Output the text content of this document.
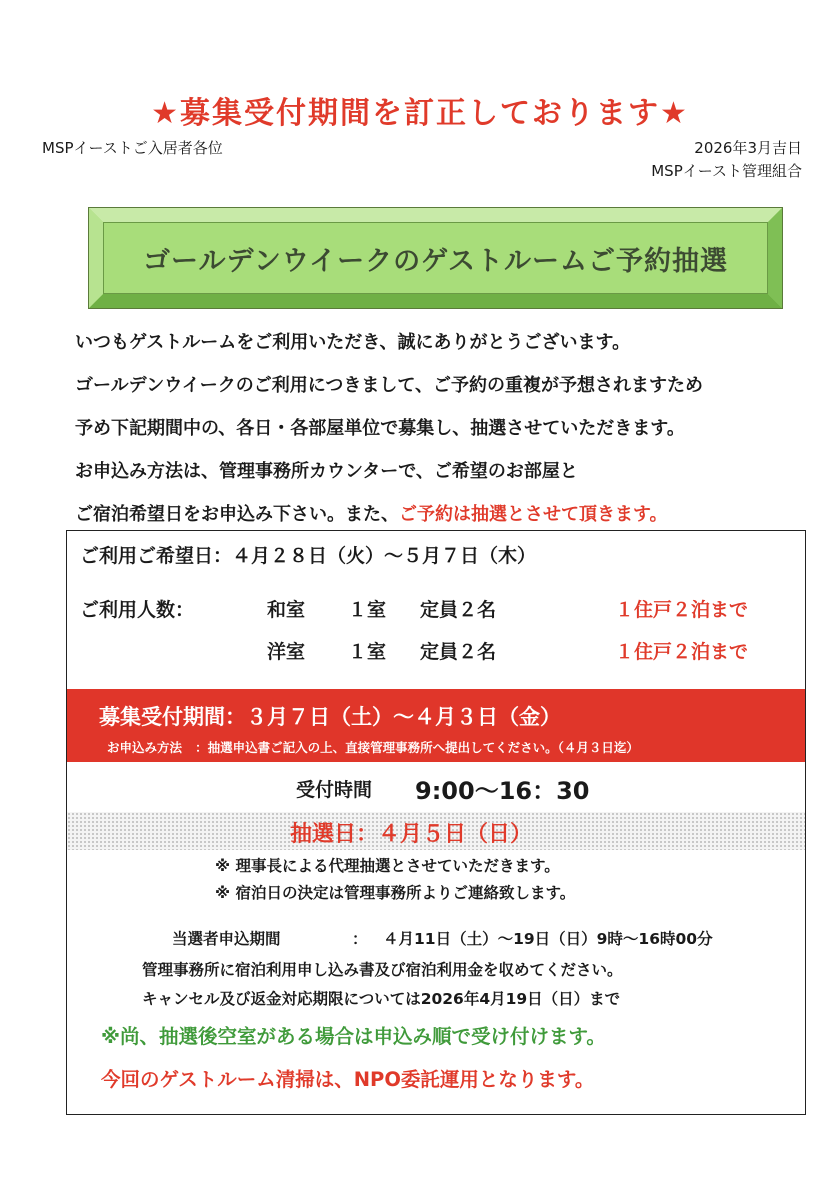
★募集受付期間を訂正しております★
MSPイーストご入居者各位	2026年3月吉日
MSPイースト管理組合
ゴールデンウイークのゲストルームご予約抽選
いつもゲストルームをご利用いただき、誠にありがとうございます。
ゴールデンウイークのご利用につきまして、ご予約の重複が予想されますため
予め下記期間中の、各日・各部屋単位で募集し、抽選させていただきます。
お申込み方法は、管理事務所カウンターで、ご希望のお部屋と
ご宿泊希望日をお申込み下さい。また、ご予約は抽選とさせて頂きます。
ご利用ご希望日：４月２８日（火）～５月７日（木）
ご利用人数：	和室 １室 定員２名	１住戸２泊まで
洋室 １室 定員２名	１住戸２泊まで
募集受付期間：３月７日（土）～４月３日（金）
お申込み方法 ：抽選申込書ご記入の上、直接管理事務所へ提出してください。（４月３日迄）
受付時間 9:00～16：30
抽選日：４月５日（日）
※ 理事長による代理抽選とさせていただきます。
※ 宿泊日の決定は管理事務所よりご連絡致します。
当選者申込期間	： ４月11日（土）～19日（日）9時～16時00分
管理事務所に宿泊利用申し込み書及び宿泊利用金を収めてください。
キャンセル及び返金対応期限については2026年4月19日（日）まで
※尚、抽選後空室がある場合は申込み順で受け付けます。
今回のゲストルーム清掃は、NPO委託運用となります。
